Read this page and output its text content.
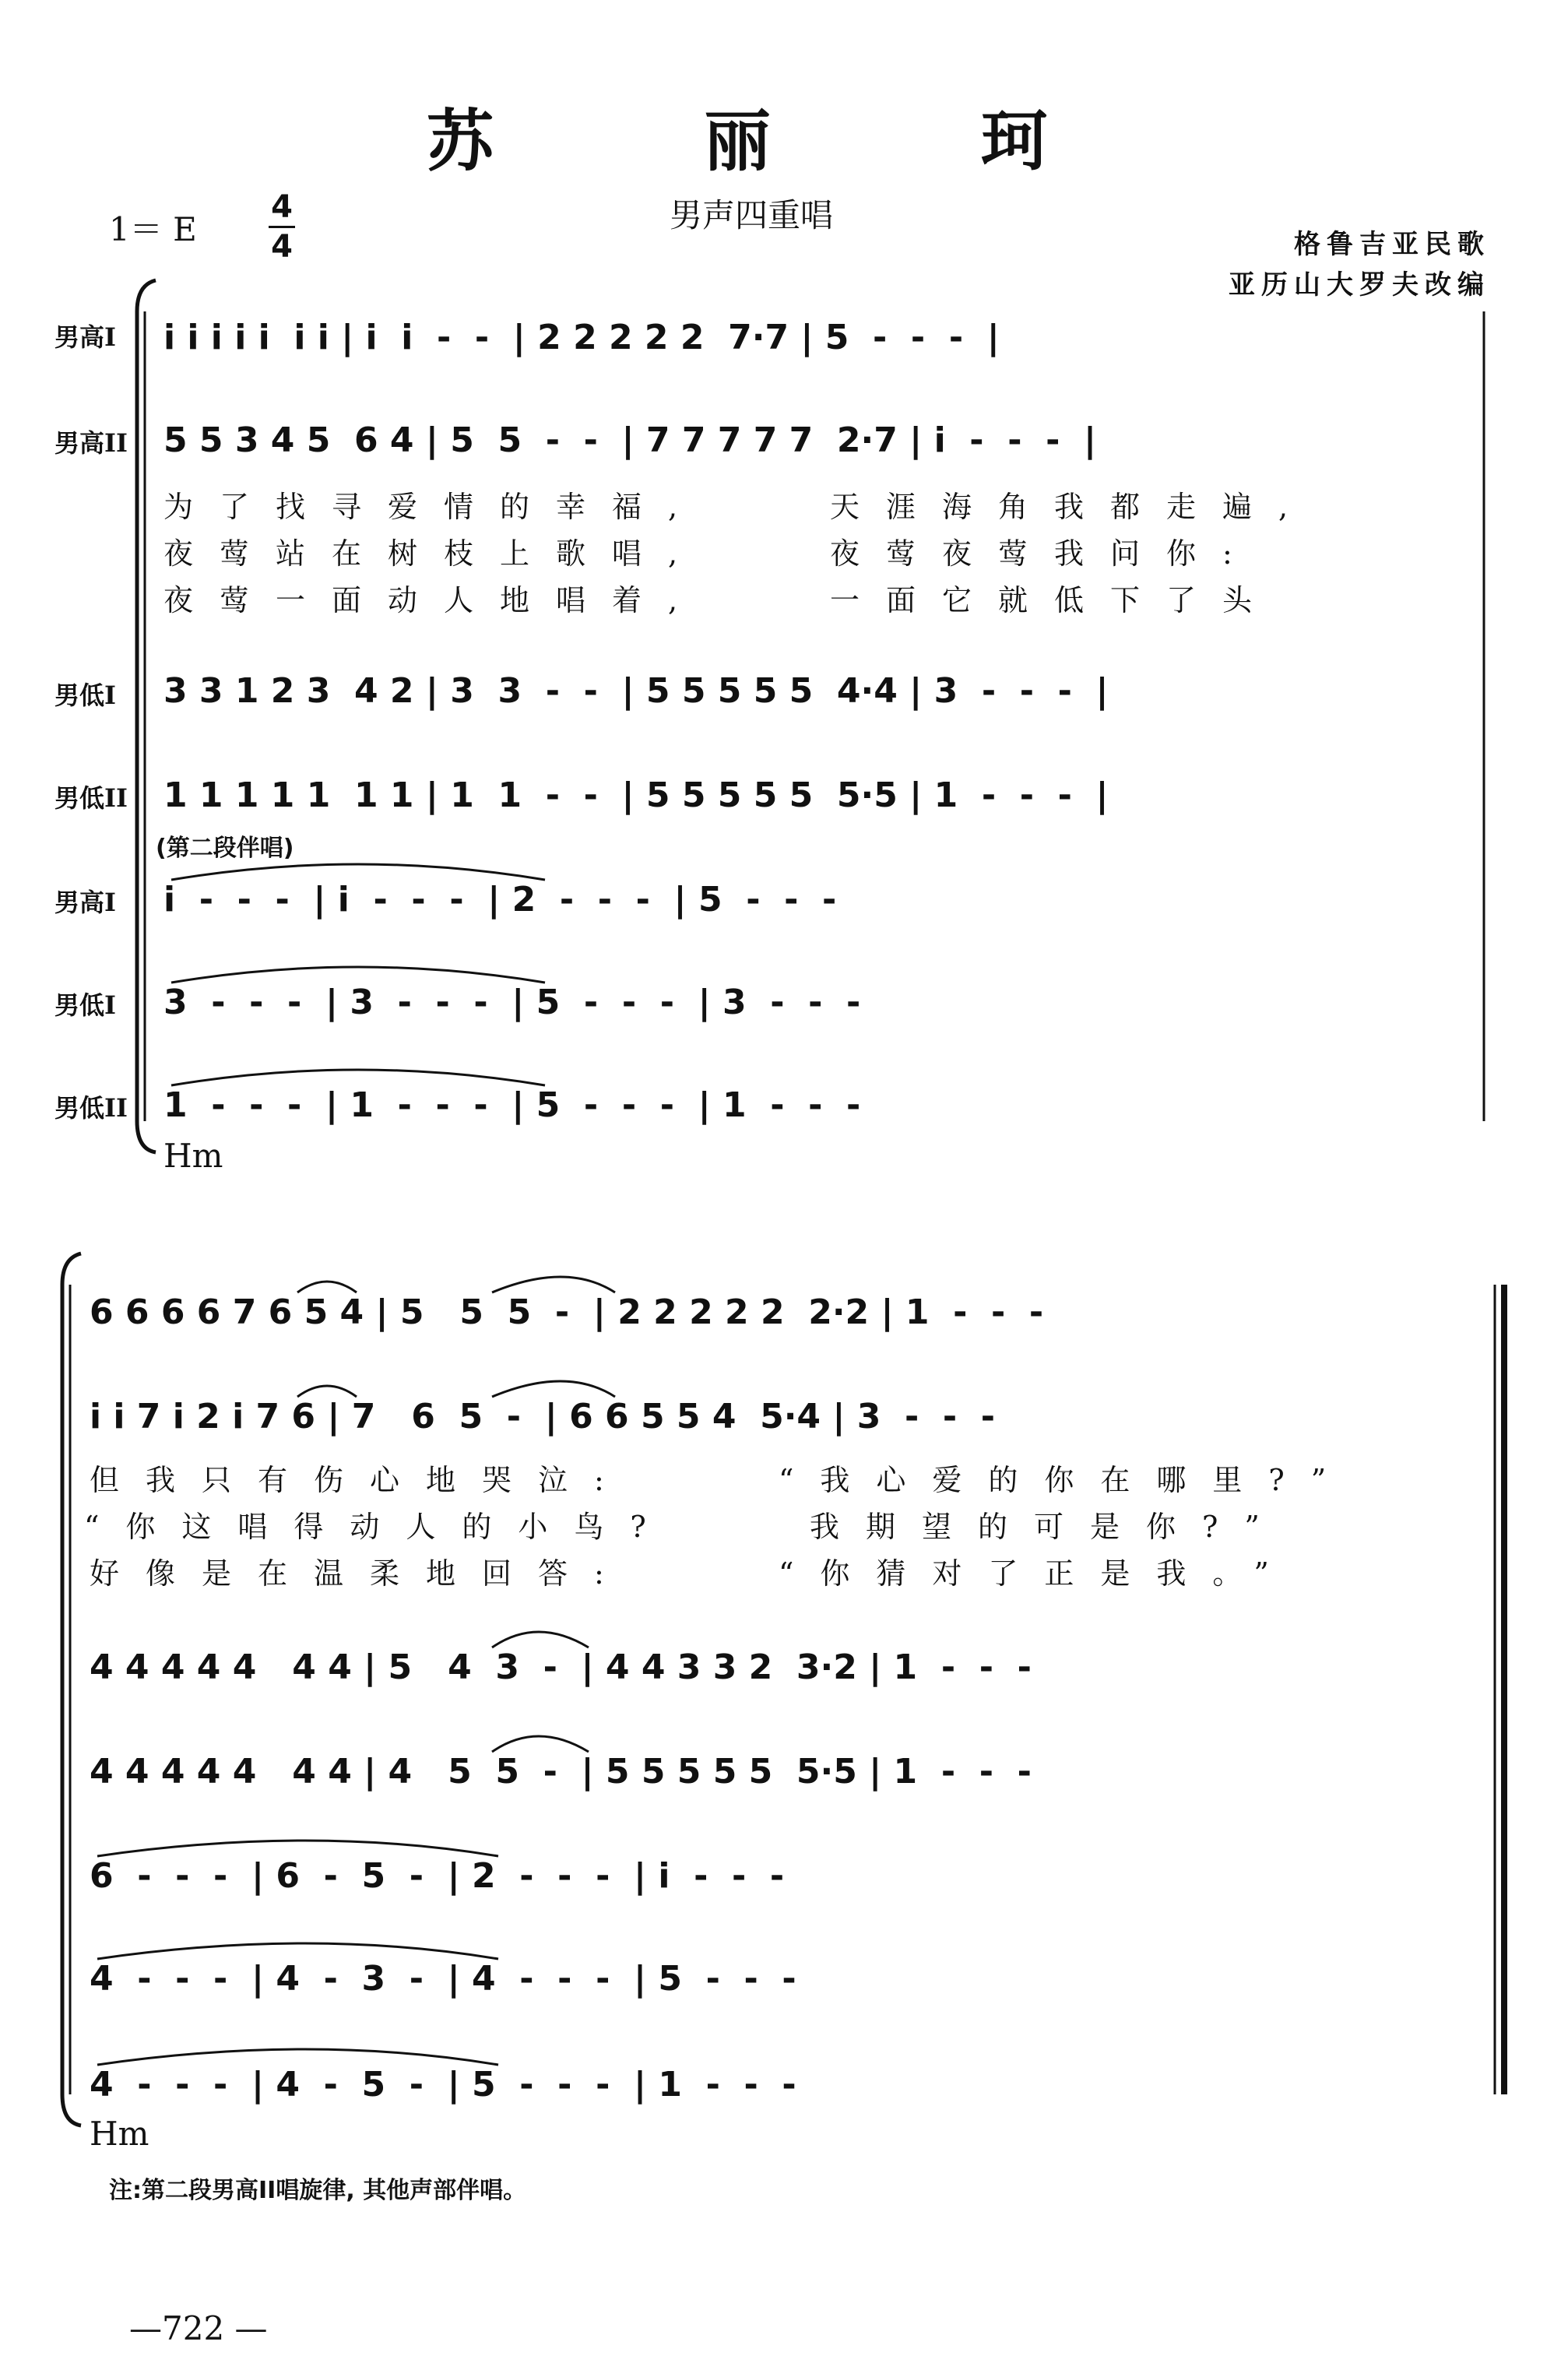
苏 丽 珂
男声四重唱
1＝ E
4
4	格鲁吉亚民歌
亚历山大罗夫改编
男高I
男高II
男低I
男低II
男高I
男低I
男低II
i i i i i  i i | i  i  -  -  | 2 2 2 2 2  7·7 | 5  -  -  -  |
5 5 3 4 5  6 4 | 5  5  -  -  | 7 7 7 7 7  2·7 | i  -  -  -  |
为了找寻爱情的幸福,
夜莺站在树枝上歌唱,
夜莺一面动人地唱着,
天涯海角我都走遍,
夜莺夜莺我问你:
一面它就低下了头
3 3 1 2 3  4 2 | 3  3  -  -  | 5 5 5 5 5  4·4 | 3  -  -  -  |
1 1 1 1 1  1 1 | 1  1  -  -  | 5 5 5 5 5  5·5 | 1  -  -  -  |
(第二段伴唱)
i  -  -  -  | i  -  -  -  | 2  -  -  -  | 5  -  -  -
3  -  -  -  | 3  -  -  -  | 5  -  -  -  | 3  -  -  -
1  -  -  -  | 1  -  -  -  | 5  -  -  -  | 1  -  -  -
Hm
6 6 6 6 7 6 5 4 | 5   5  5  -  | 2 2 2 2 2  2·2 | 1  -  -  -
i i 7 i 2 i 7 6 | 7   6  5  -  | 6 6 5 5 4  5·4 | 3  -  -  -
但我只有伤心地哭泣:
“你这唱得动人的小鸟?
好像是在温柔地回答:
“我心爱的你在哪里?”
我期望的可是你?”
“你猜对了正是我。”
4 4 4 4 4   4 4 | 5   4  3  -  | 4 4 3 3 2  3·2 | 1  -  -  -
4 4 4 4 4   4 4 | 4   5  5  -  | 5 5 5 5 5  5·5 | 1  -  -  -
6  -  -  -  | 6  -  5  -  | 2  -  -  -  | i  -  -  -
4  -  -  -  | 4  -  3  -  | 4  -  -  -  | 5  -  -  -
4  -  -  -  | 4  -  5  -  | 5  -  -  -  | 1  -  -  -
Hm
注:第二段男高II唱旋律, 其他声部伴唱。
—722 —
